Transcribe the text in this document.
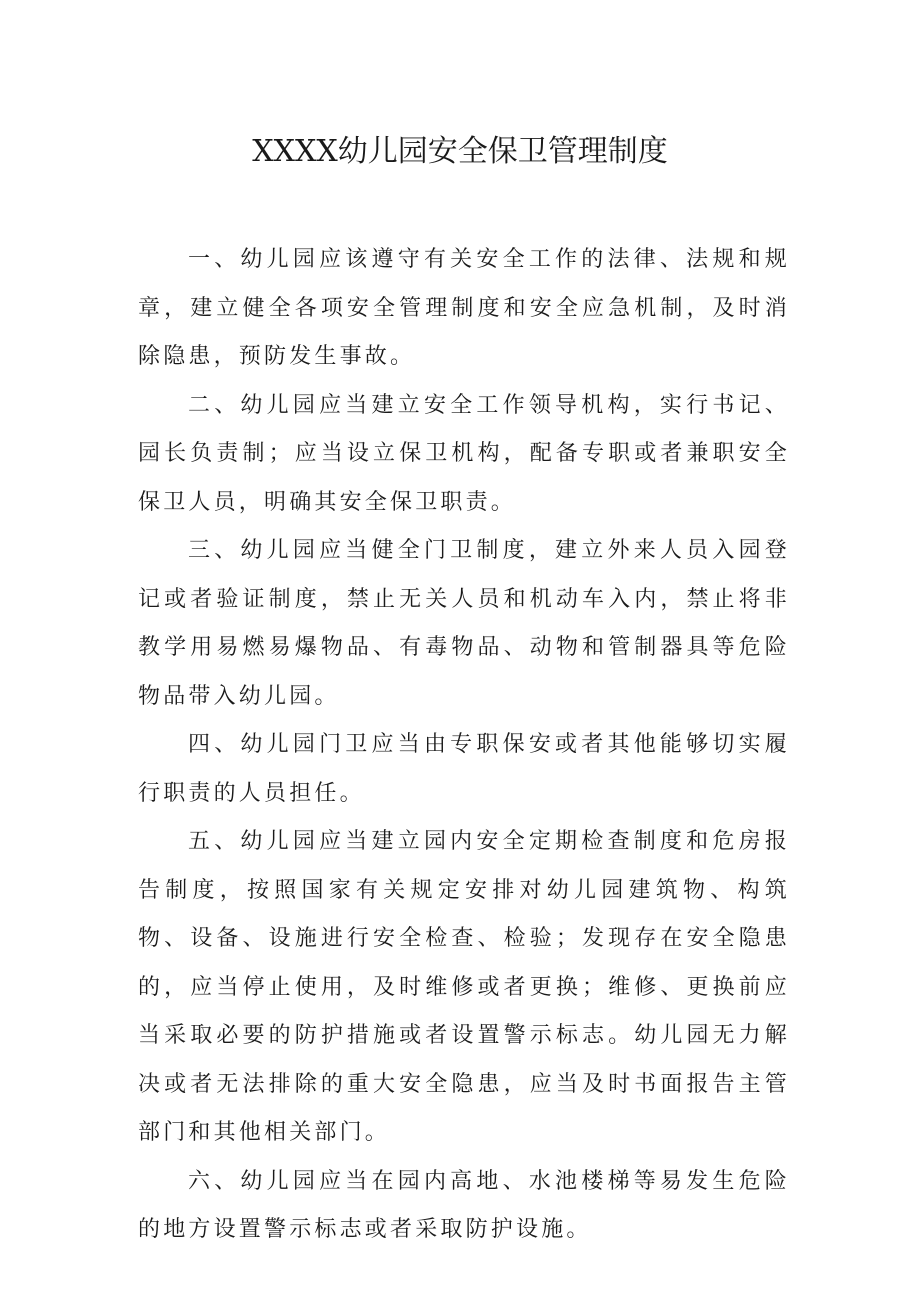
XXXX幼儿园安全保卫管理制度

一、幼儿园应该遵守有关安全工作的法律、法规和规章，建立健全各项安全管理制度和安全应急机制，及时消除隐患，预防发生事故。

二、幼儿园应当建立安全工作领导机构，实行书记、园长负责制；应当设立保卫机构，配备专职或者兼职安全保卫人员，明确其安全保卫职责。

三、幼儿园应当健全门卫制度，建立外来人员入园登记或者验证制度，禁止无关人员和机动车入内，禁止将非教学用易燃易爆物品、有毒物品、动物和管制器具等危险物品带入幼儿园。

四、幼儿园门卫应当由专职保安或者其他能够切实履行职责的人员担任。

五、幼儿园应当建立园内安全定期检查制度和危房报告制度，按照国家有关规定安排对幼儿园建筑物、构筑物、设备、设施进行安全检查、检验；发现存在安全隐患的，应当停止使用，及时维修或者更换；维修、更换前应当采取必要的防护措施或者设置警示标志。幼儿园无力解决或者无法排除的重大安全隐患，应当及时书面报告主管部门和其他相关部门。

六、幼儿园应当在园内高地、水池楼梯等易发生危险的地方设置警示标志或者采取防护设施。
